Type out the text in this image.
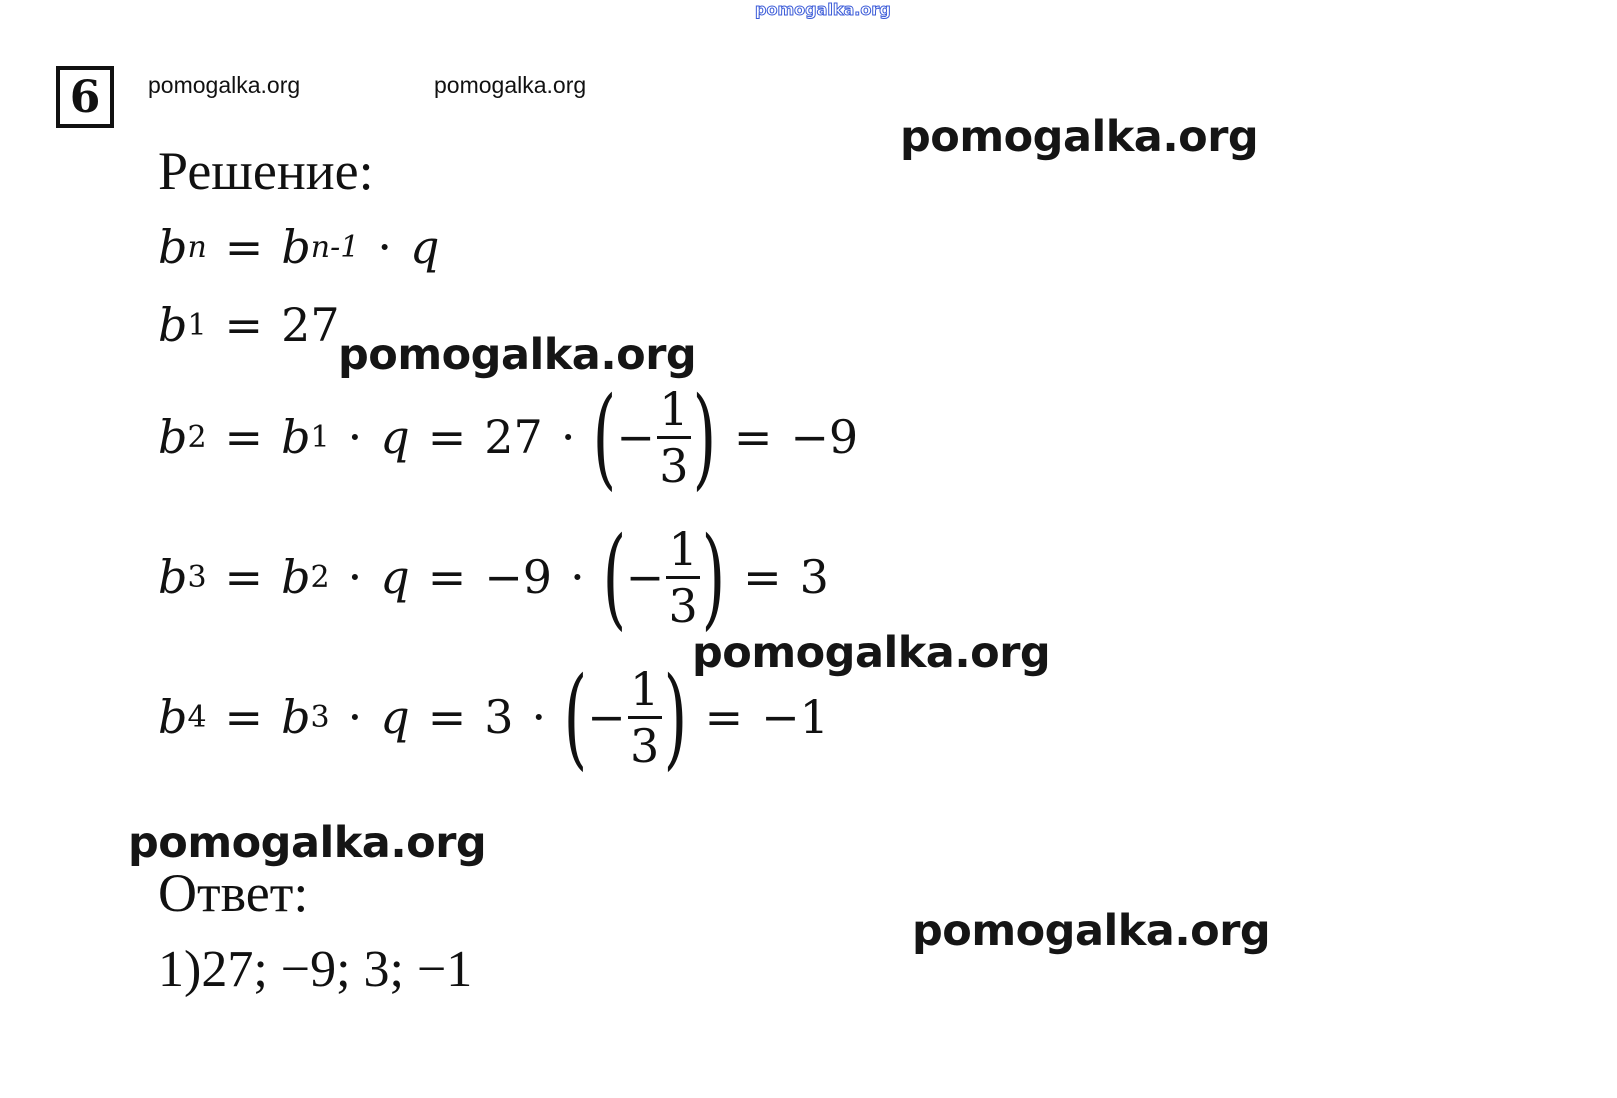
pomogalka.org
6	pomogalka.org	pomogalka.org
pomogalka.org
Решение:
b n = b n-1 · q
b 1 = 27
pomogalka.org
b 2 = b 1 · q = 27 · ( − $\frac{1}{3}$ ) = −9
b 3 = b 2 · q = −9 · ( − $\frac{1}{3}$ ) = 3
pomogalka.org
b 4 = b 3 · q = 3 · ( − $\frac{1}{3}$ ) = −1
pomogalka.org
Ответ:
pomogalka.org
1)27; −9; 3; −1
